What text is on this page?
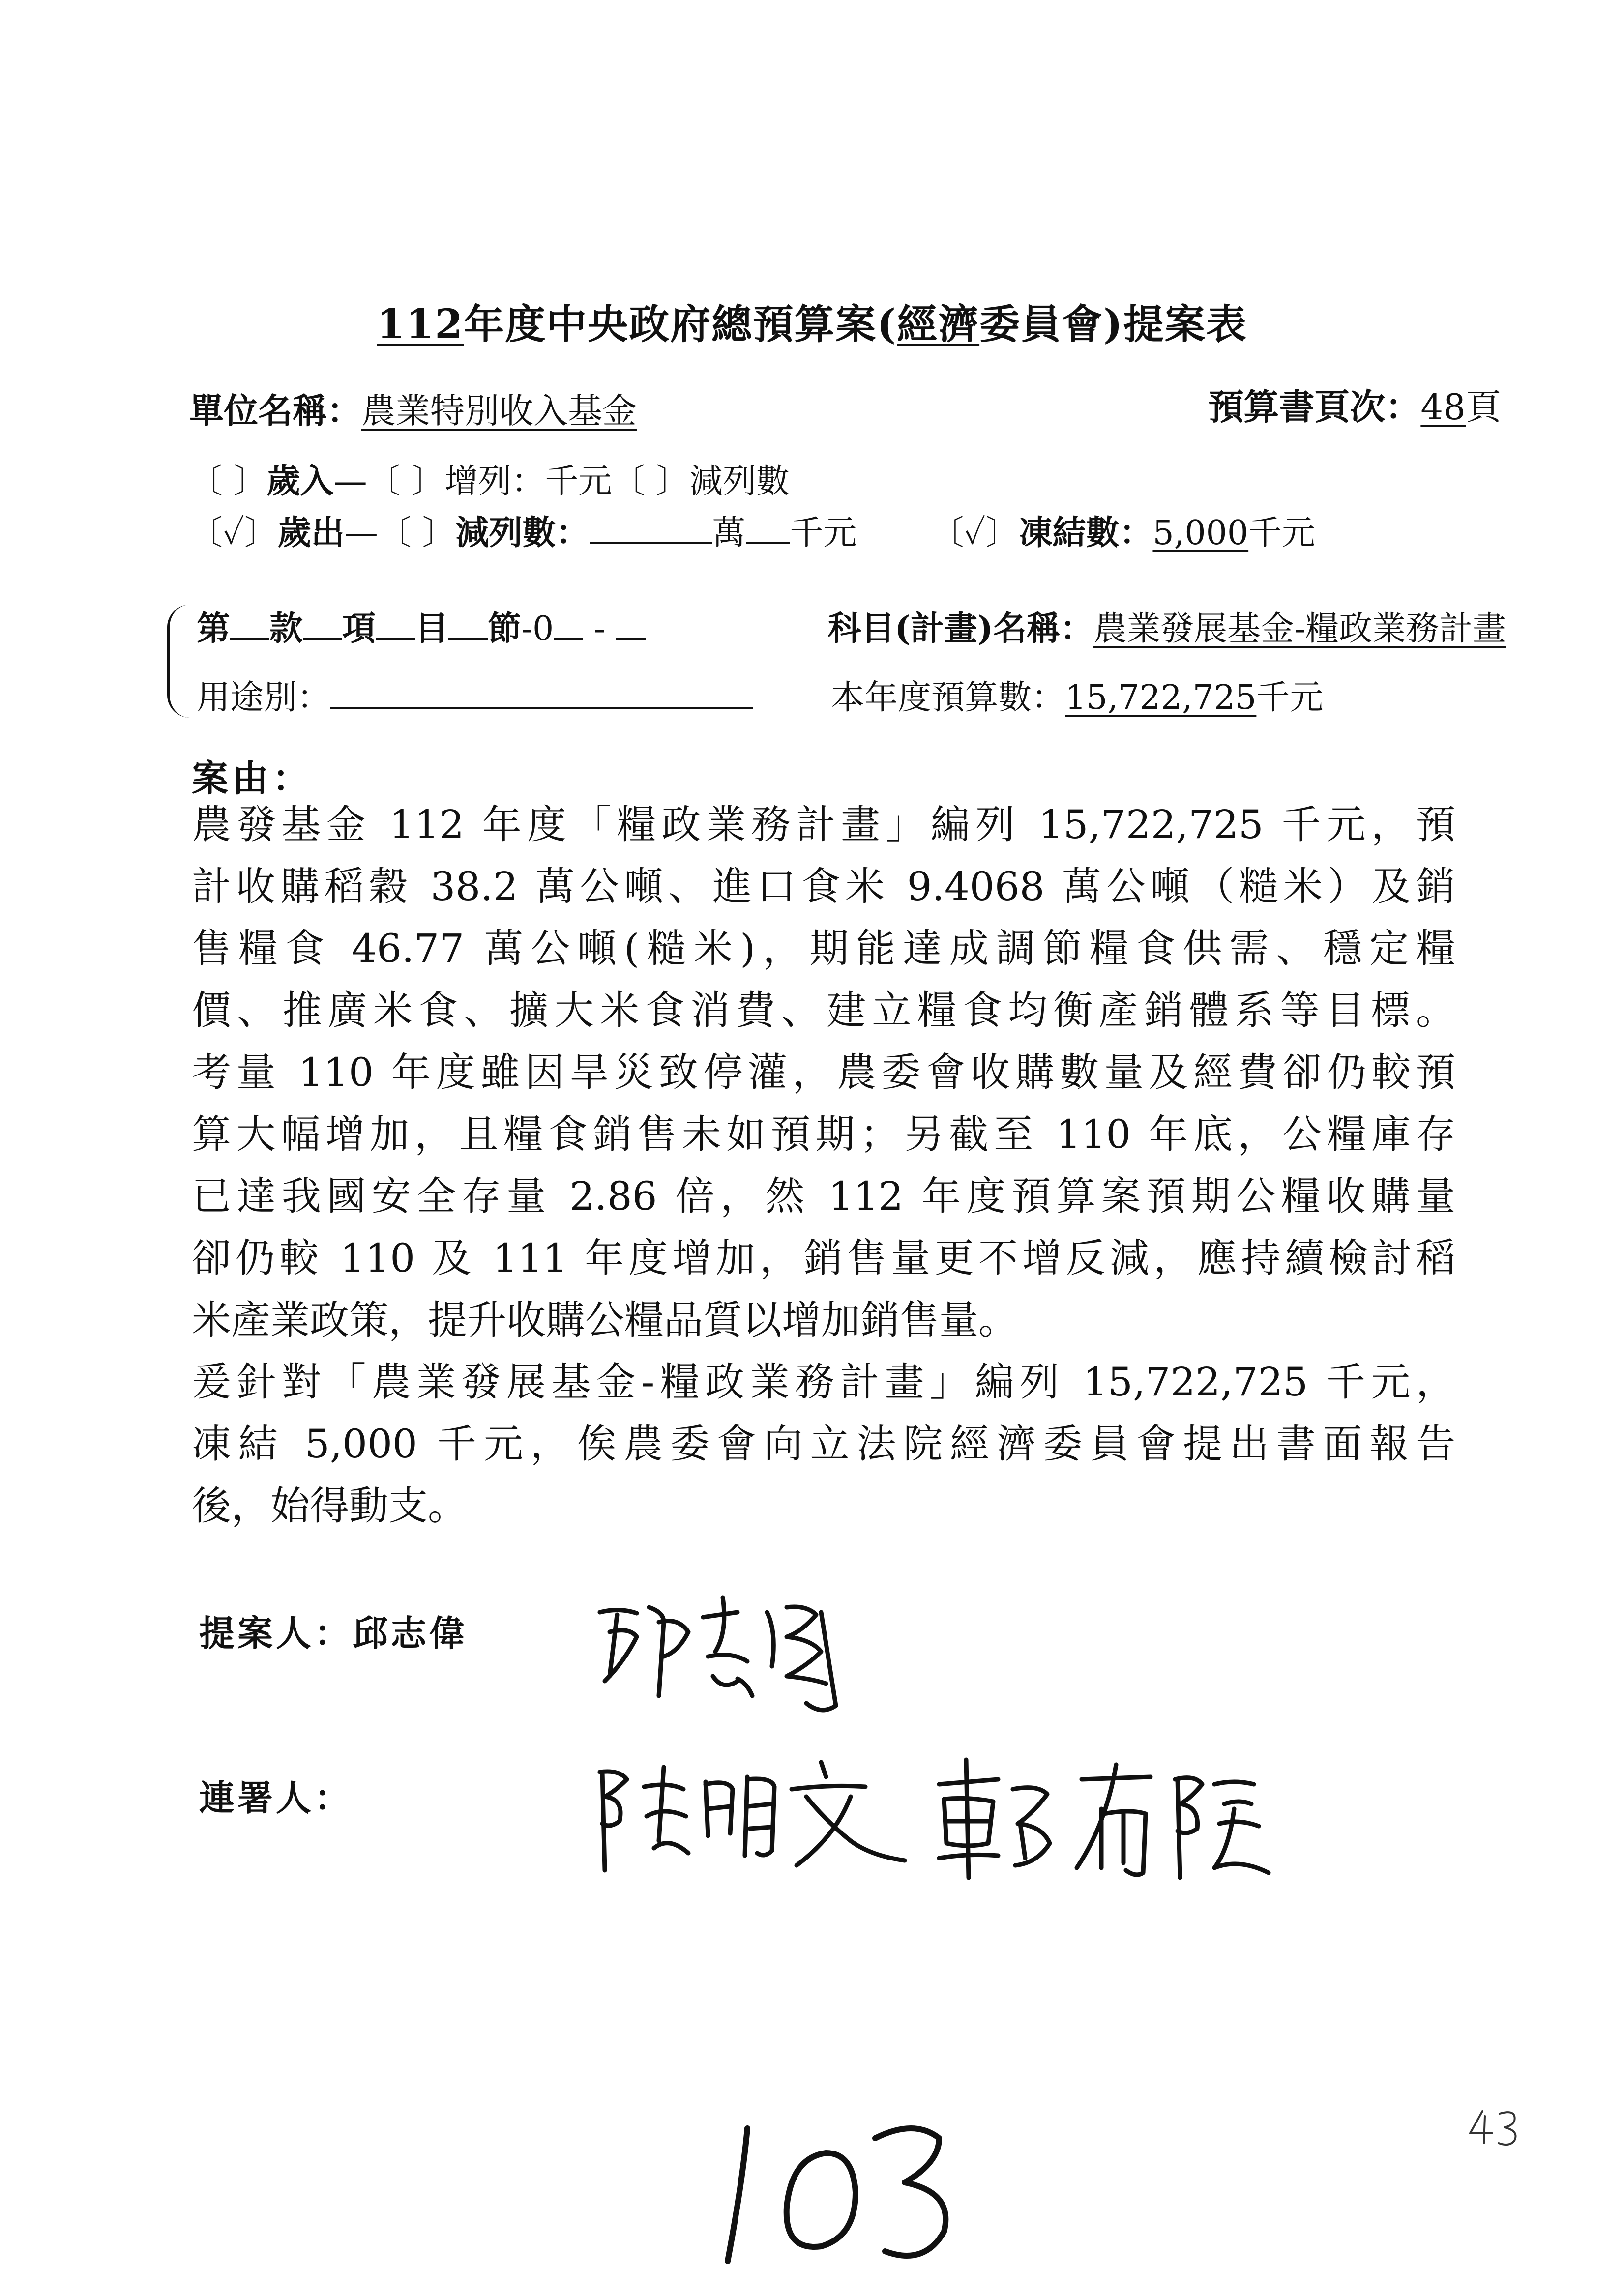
112年度中央政府總預算案(經濟委員會)提案表
單位名稱：農業特別收入基金	預算書頁次：48頁
〔 〕歲入—〔 〕增列：千元〔 〕減列數
〔✓〕歲出—〔 〕減列數：	萬 千元 〔✓〕凍結數：5,000千元
第 款 項 目 節-0 -	科目(計畫)名稱：農業發展基金-糧政業務計畫
用途別：	本年度預算數：15,722,725千元
案由：
農發基金 112 年度「糧政業務計畫」編列 15,722,725 千元，預
計收購稻穀 38.2 萬公噸、進口食米 9.4068 萬公噸（糙米）及銷
售糧食 46.77 萬公噸(糙米)，期能達成調節糧食供需、穩定糧
價、推廣米食、擴大米食消費、建立糧食均衡產銷體系等目標。
考量 110 年度雖因旱災致停灌，農委會收購數量及經費卻仍較預
算大幅增加，且糧食銷售未如預期；另截至 110 年底，公糧庫存
已達我國安全存量 2.86 倍，然 112 年度預算案預期公糧收購量
卻仍較 110 及 111 年度增加，銷售量更不增反減，應持續檢討稻
米產業政策，提升收購公糧品質以增加銷售量。
爰針對「農業發展基金-糧政業務計畫」編列 15,722,725 千元，
凍結 5,000 千元，俟農委會向立法院經濟委員會提出書面報告
後，始得動支。
提案人：邱志偉
連署人：
